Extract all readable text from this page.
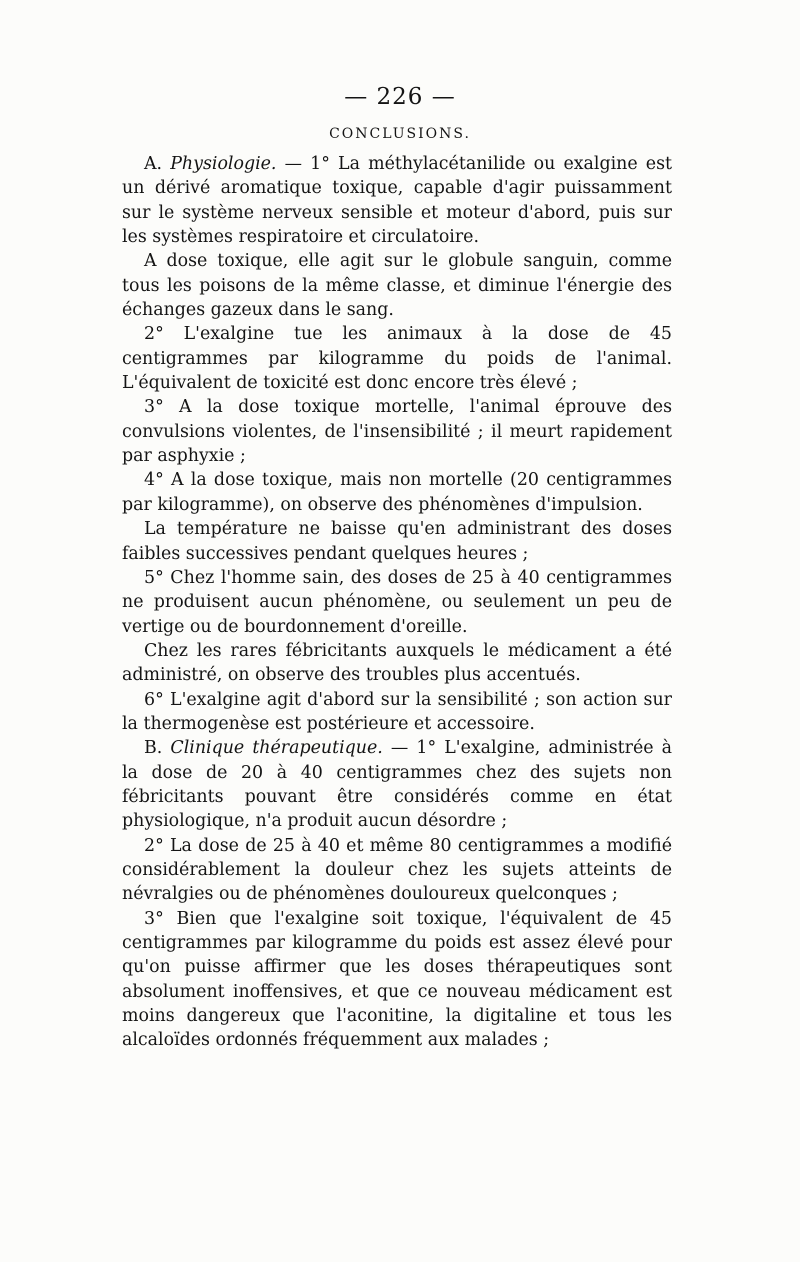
— 226 —
CONCLUSIONS.

A. Physiologie. — 1° La méthylacétanilide ou exalgine est un dérivé aromatique toxique, capable d'agir puissamment sur le système nerveux sensible et moteur d'abord, puis sur les systèmes respiratoire et circulatoire.

A dose toxique, elle agit sur le globule sanguin, comme tous les poisons de la même classe, et diminue l'énergie des échanges gazeux dans le sang.

2° L'exalgine tue les animaux à la dose de 45 centigrammes par kilogramme du poids de l'animal. L'équivalent de toxicité est donc encore très élevé ;

3° A la dose toxique mortelle, l'animal éprouve des convulsions violentes, de l'insensibilité ; il meurt rapidement par asphyxie ;

4° A la dose toxique, mais non mortelle (20 centigrammes par kilogramme), on observe des phénomènes d'impulsion.

La température ne baisse qu'en administrant des doses faibles successives pendant quelques heures ;

5° Chez l'homme sain, des doses de 25 à 40 centigrammes ne produisent aucun phénomène, ou seulement un peu de vertige ou de bourdonnement d'oreille.

Chez les rares fébricitants auxquels le médicament a été administré, on observe des troubles plus accentués.

6° L'exalgine agit d'abord sur la sensibilité ; son action sur la thermogenèse est postérieure et accessoire.

B. Clinique thérapeutique. — 1° L'exalgine, administrée à la dose de 20 à 40 centigrammes chez des sujets non fébricitants pouvant être considérés comme en état physiologique, n'a produit aucun désordre ;

2° La dose de 25 à 40 et même 80 centigrammes a modifié considérablement la douleur chez les sujets atteints de névralgies ou de phénomènes douloureux quelconques ;

3° Bien que l'exalgine soit toxique, l'équivalent de 45 centigrammes par kilogramme du poids est assez élevé pour qu'on puisse affirmer que les doses thérapeutiques sont absolument inoffensives, et que ce nouveau médicament est moins dangereux que l'aconitine, la digitaline et tous les alcaloïdes ordonnés fréquemment aux malades ;
